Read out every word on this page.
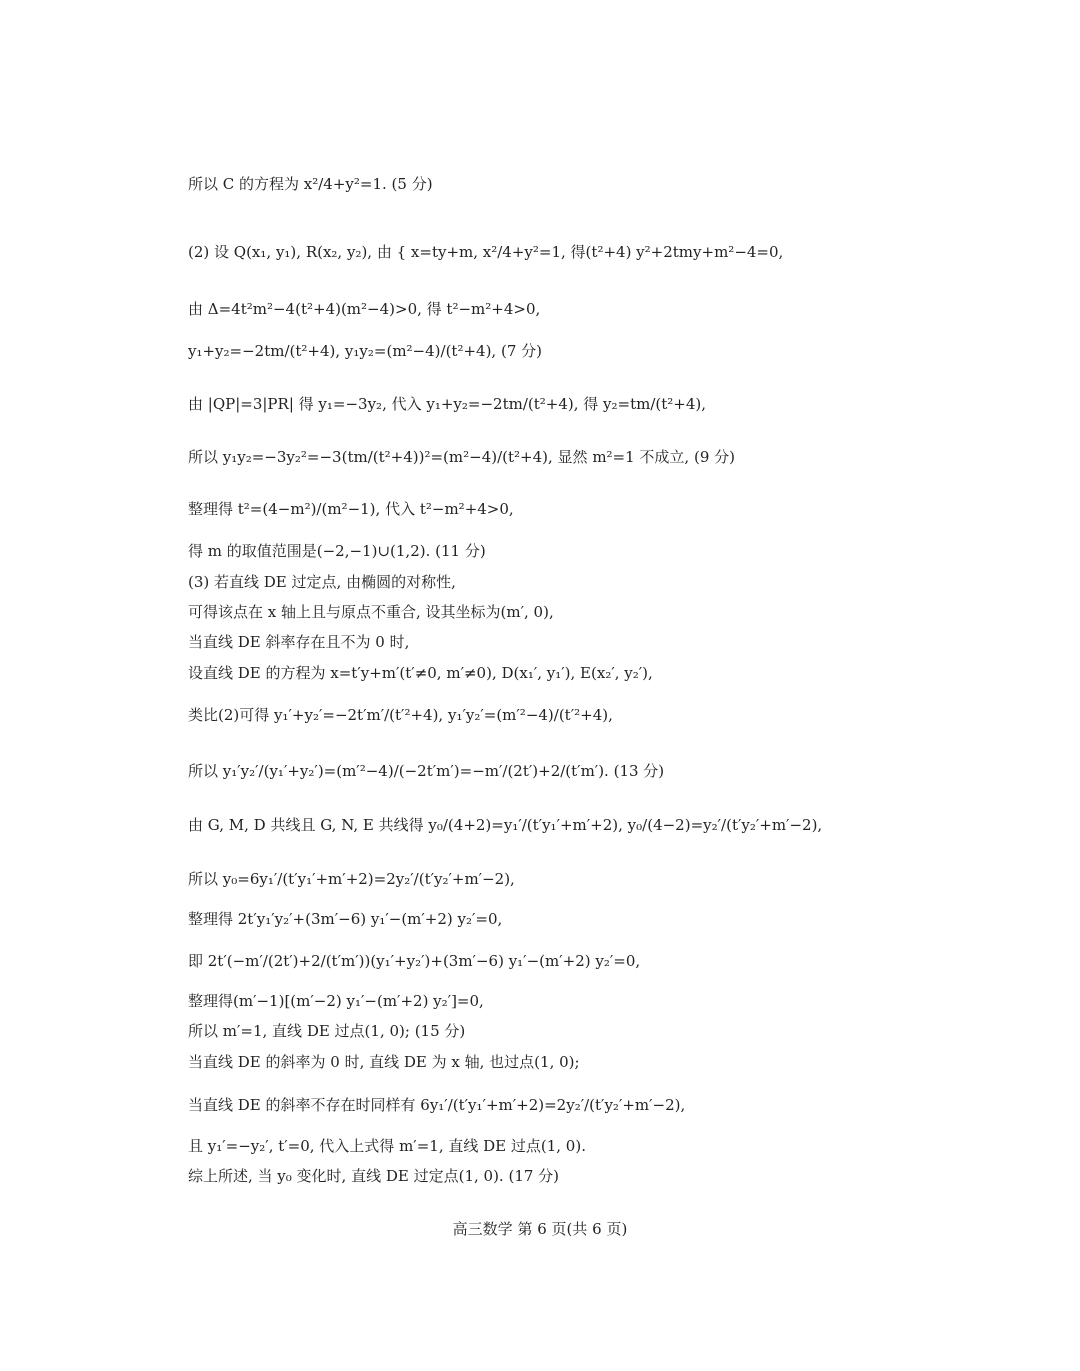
所以 C 的方程为 x²/4+y²=1. (5 分)
(2) 设 Q(x₁, y₁), R(x₂, y₂), 由 { x=ty+m, x²/4+y²=1, 得(t²+4) y²+2tmy+m²−4=0,
由 Δ=4t²m²−4(t²+4)(m²−4)>0, 得 t²−m²+4>0,
y₁+y₂=−2tm/(t²+4), y₁y₂=(m²−4)/(t²+4), (7 分)
由 |QP|=3|PR| 得 y₁=−3y₂, 代入 y₁+y₂=−2tm/(t²+4), 得 y₂=tm/(t²+4),
所以 y₁y₂=−3y₂²=−3(tm/(t²+4))²=(m²−4)/(t²+4), 显然 m²=1 不成立, (9 分)
整理得 t²=(4−m²)/(m²−1), 代入 t²−m²+4>0,
得 m 的取值范围是(−2,−1)∪(1,2). (11 分)
(3) 若直线 DE 过定点, 由椭圆的对称性,
可得该点在 x 轴上且与原点不重合, 设其坐标为(m′, 0),
当直线 DE 斜率存在且不为 0 时,
设直线 DE 的方程为 x=t′y+m′(t′≠0, m′≠0), D(x₁′, y₁′), E(x₂′, y₂′),
类比(2)可得 y₁′+y₂′=−2t′m′/(t′²+4), y₁′y₂′=(m′²−4)/(t′²+4),
所以 y₁′y₂′/(y₁′+y₂′)=(m′²−4)/(−2t′m′)=−m′/(2t′)+2/(t′m′). (13 分)
由 G, M, D 共线且 G, N, E 共线得 y₀/(4+2)=y₁′/(t′y₁′+m′+2), y₀/(4−2)=y₂′/(t′y₂′+m′−2),
所以 y₀=6y₁′/(t′y₁′+m′+2)=2y₂′/(t′y₂′+m′−2),
整理得 2t′y₁′y₂′+(3m′−6) y₁′−(m′+2) y₂′=0,
即 2t′(−m′/(2t′)+2/(t′m′))(y₁′+y₂′)+(3m′−6) y₁′−(m′+2) y₂′=0,
整理得(m′−1)[(m′−2) y₁′−(m′+2) y₂′]=0,
所以 m′=1, 直线 DE 过点(1, 0); (15 分)
当直线 DE 的斜率为 0 时, 直线 DE 为 x 轴, 也过点(1, 0);
当直线 DE 的斜率不存在时同样有 6y₁′/(t′y₁′+m′+2)=2y₂′/(t′y₂′+m′−2),
且 y₁′=−y₂′, t′=0, 代入上式得 m′=1, 直线 DE 过点(1, 0).
综上所述, 当 y₀ 变化时, 直线 DE 过定点(1, 0). (17 分)
高三数学 第 6 页(共 6 页)
